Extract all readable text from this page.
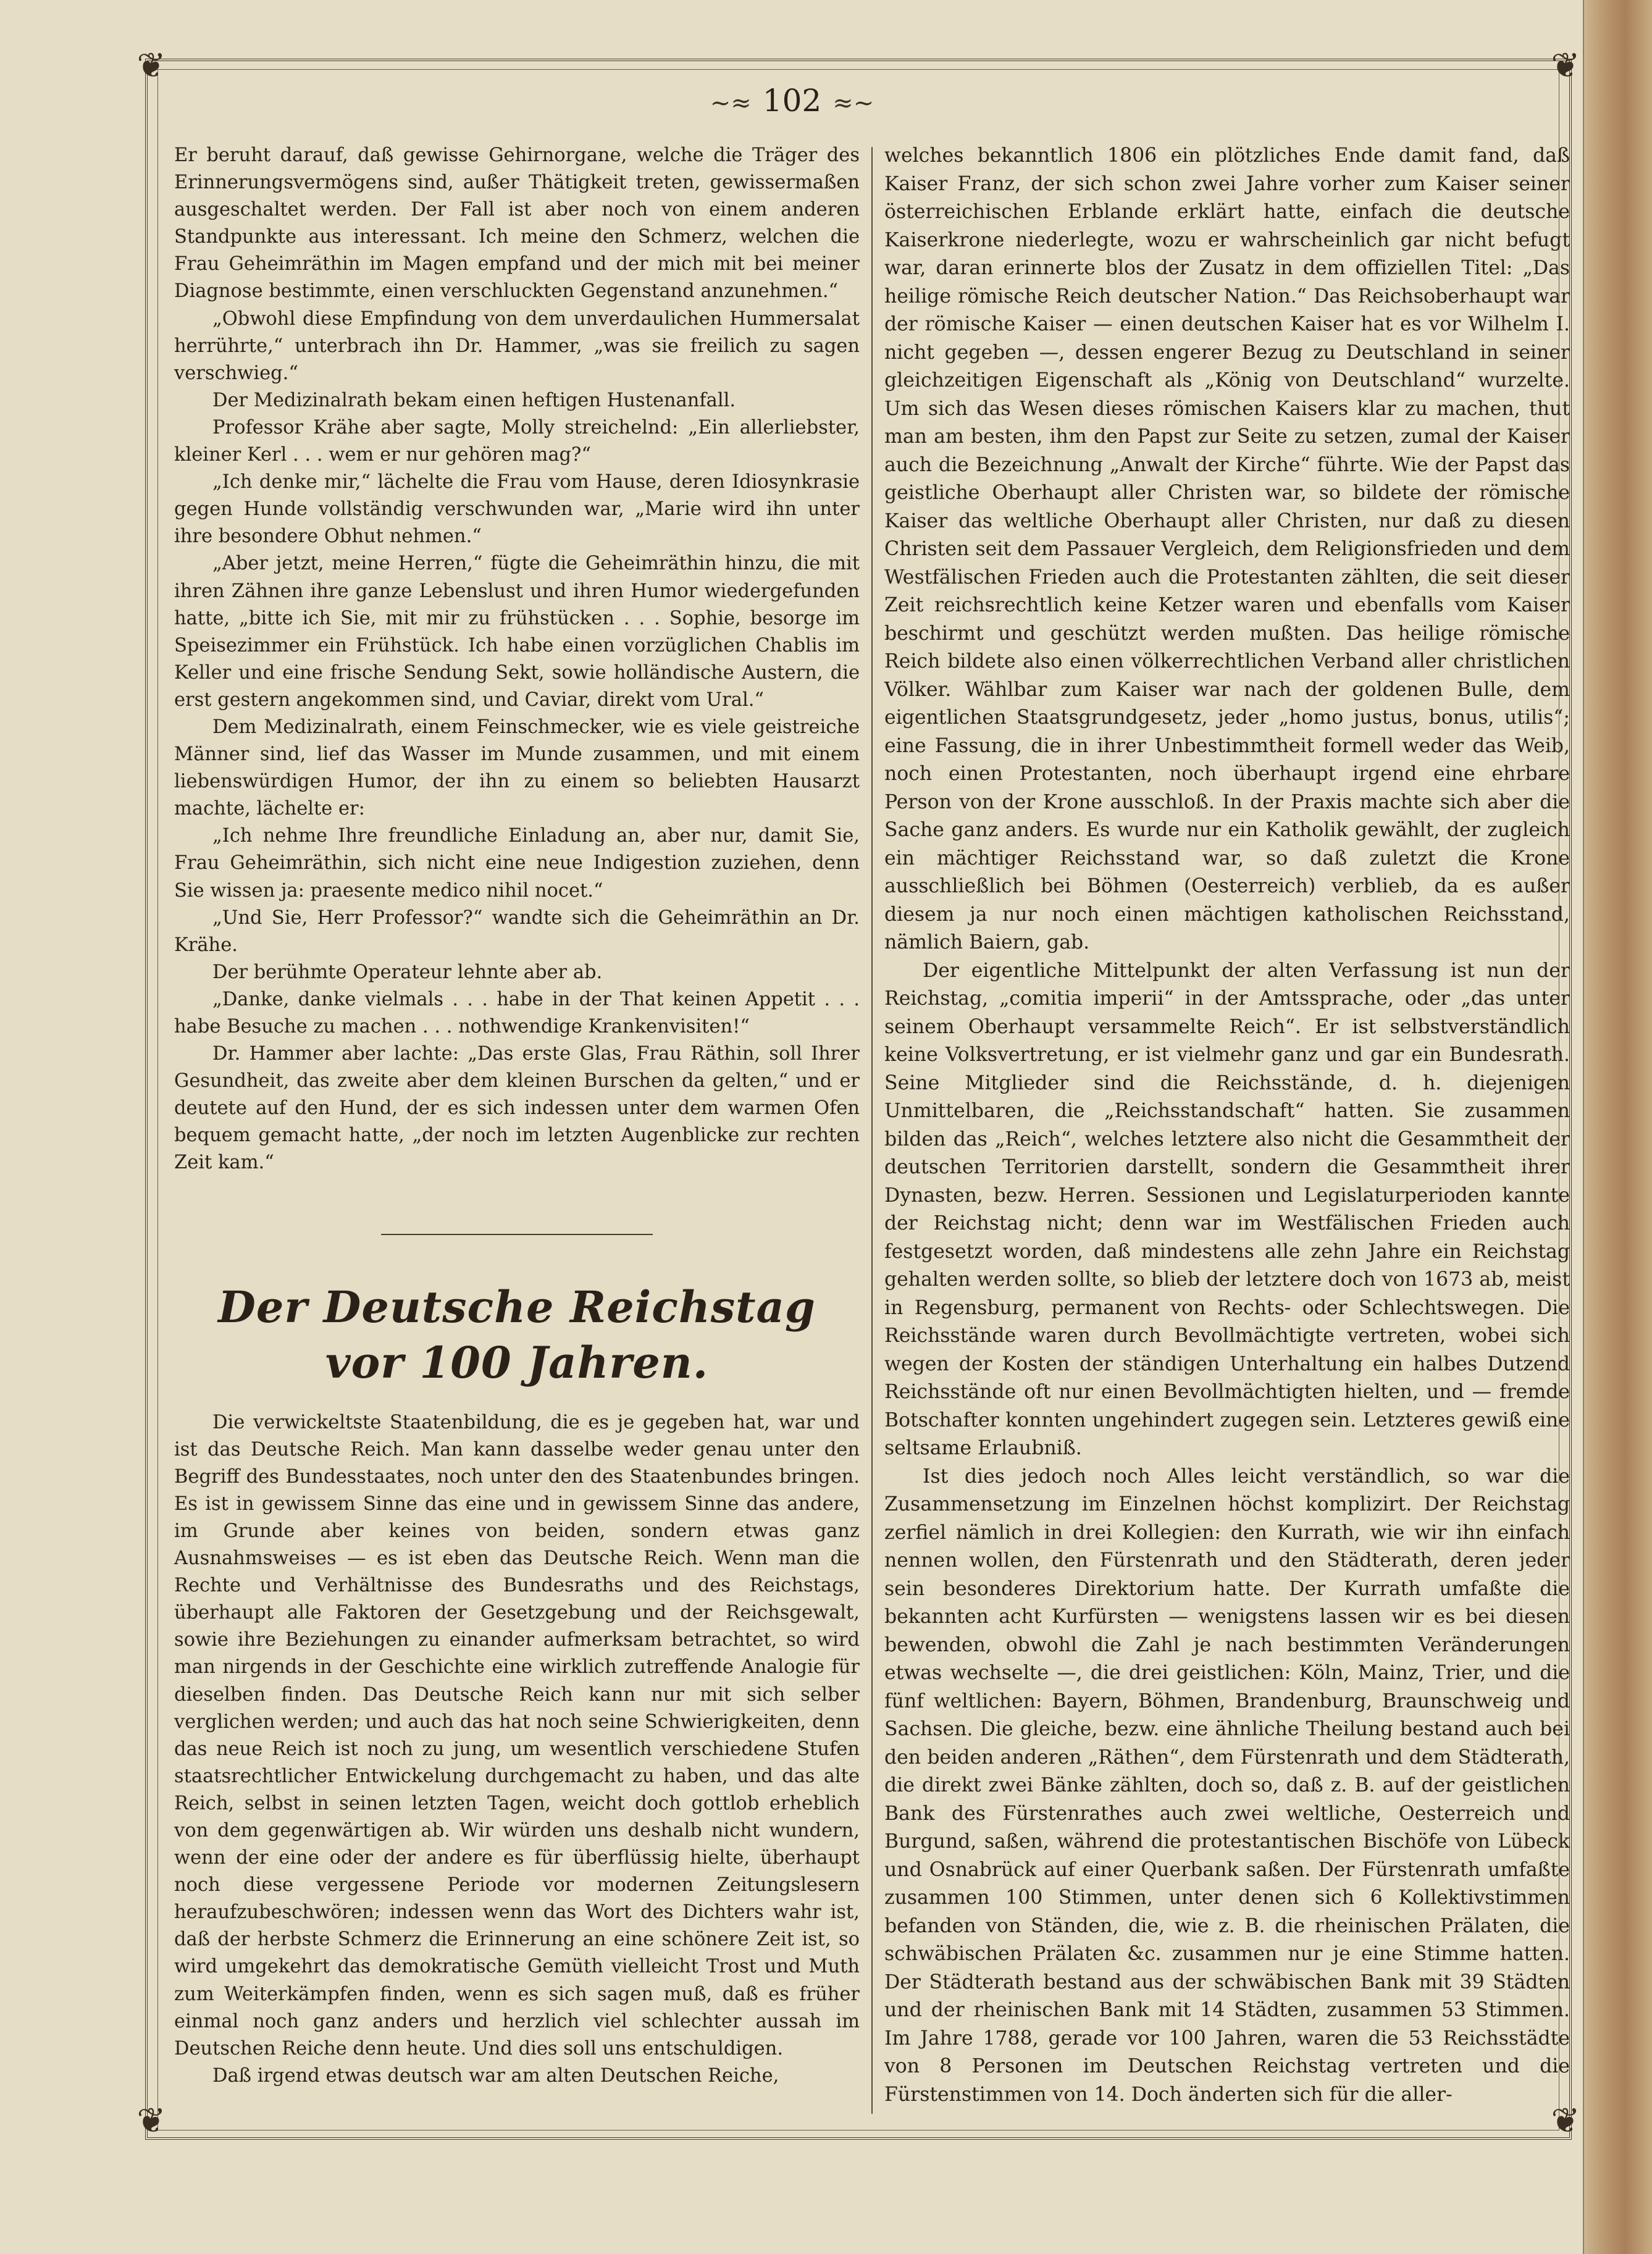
❦	❦
❦	❦
~≈ 102 ≈~

Er beruht darauf, daß gewisse Gehirnorgane, welche die Träger des Erinnerungsvermögens sind, außer Thätigkeit treten, gewissermaßen ausgeschaltet werden. Der Fall ist aber noch von einem anderen Standpunkte aus interessant. Ich meine den Schmerz, welchen die Frau Geheimräthin im Magen empfand und der mich mit bei meiner Diagnose bestimmte, einen verschluckten Gegenstand anzunehmen.“

„Obwohl diese Empfindung von dem unverdaulichen Hummersalat herrührte,“ unterbrach ihn Dr. Hammer, „was sie freilich zu sagen verschwieg.“

Der Medizinalrath bekam einen heftigen Hustenanfall.

Professor Krähe aber sagte, Molly streichelnd: „Ein allerliebster, kleiner Kerl . . . wem er nur gehören mag?“

„Ich denke mir,“ lächelte die Frau vom Hause, deren Idiosynkrasie gegen Hunde vollständig verschwunden war, „Marie wird ihn unter ihre besondere Obhut nehmen.“

„Aber jetzt, meine Herren,“ fügte die Geheimräthin hinzu, die mit ihren Zähnen ihre ganze Lebenslust und ihren Humor wiedergefunden hatte, „bitte ich Sie, mit mir zu frühstücken . . . Sophie, besorge im Speisezimmer ein Frühstück. Ich habe einen vorzüglichen Chablis im Keller und eine frische Sendung Sekt, sowie holländische Austern, die erst gestern angekommen sind, und Caviar, direkt vom Ural.“

Dem Medizinalrath, einem Feinschmecker, wie es viele geistreiche Männer sind, lief das Wasser im Munde zusammen, und mit einem liebenswürdigen Humor, der ihn zu einem so beliebten Hausarzt machte, lächelte er:

„Ich nehme Ihre freundliche Einladung an, aber nur, damit Sie, Frau Geheimräthin, sich nicht eine neue Indigestion zuziehen, denn Sie wissen ja: praesente medico nihil nocet.“

„Und Sie, Herr Professor?“ wandte sich die Geheimräthin an Dr. Krähe.

Der berühmte Operateur lehnte aber ab.

„Danke, danke vielmals . . . habe in der That keinen Appetit . . . habe Besuche zu machen . . . nothwendige Krankenvisiten!“

Dr. Hammer aber lachte: „Das erste Glas, Frau Räthin, soll Ihrer Gesundheit, das zweite aber dem kleinen Burschen da gelten,“ und er deutete auf den Hund, der es sich indessen unter dem warmen Ofen bequem gemacht hatte, „der noch im letzten Augenblicke zur rechten Zeit kam.“

Der Deutsche Reichstag vor 100 Jahren.

Die verwickeltste Staatenbildung, die es je gegeben hat, war und ist das Deutsche Reich. Man kann dasselbe weder genau unter den Begriff des Bundesstaates, noch unter den des Staatenbundes bringen. Es ist in gewissem Sinne das eine und in gewissem Sinne das andere, im Grunde aber keines von beiden, sondern etwas ganz Ausnahmsweises — es ist eben das Deutsche Reich. Wenn man die Rechte und Verhältnisse des Bundesraths und des Reichstags, überhaupt alle Faktoren der Gesetzgebung und der Reichsgewalt, sowie ihre Beziehungen zu einander aufmerksam betrachtet, so wird man nirgends in der Geschichte eine wirklich zutreffende Analogie für dieselben finden. Das Deutsche Reich kann nur mit sich selber verglichen werden; und auch das hat noch seine Schwierigkeiten, denn das neue Reich ist noch zu jung, um wesentlich verschiedene Stufen staatsrechtlicher Entwickelung durchgemacht zu haben, und das alte Reich, selbst in seinen letzten Tagen, weicht doch gottlob erheblich von dem gegenwärtigen ab. Wir würden uns deshalb nicht wundern, wenn der eine oder der andere es für überflüssig hielte, überhaupt noch diese vergessene Periode vor modernen Zeitungslesern heraufzubeschwören; indessen wenn das Wort des Dichters wahr ist, daß der herbste Schmerz die Erinnerung an eine schönere Zeit ist, so wird umgekehrt das demokratische Gemüth vielleicht Trost und Muth zum Weiterkämpfen finden, wenn es sich sagen muß, daß es früher einmal noch ganz anders und herzlich viel schlechter aussah im Deutschen Reiche denn heute. Und dies soll uns entschuldigen.

Daß irgend etwas deutsch war am alten Deutschen Reiche,

welches bekanntlich 1806 ein plötzliches Ende damit fand, daß Kaiser Franz, der sich schon zwei Jahre vorher zum Kaiser seiner österreichischen Erblande erklärt hatte, einfach die deutsche Kaiserkrone niederlegte, wozu er wahrscheinlich gar nicht befugt war, daran erinnerte blos der Zusatz in dem offiziellen Titel: „Das heilige römische Reich deutscher Nation.“ Das Reichsoberhaupt war der römische Kaiser — einen deutschen Kaiser hat es vor Wilhelm I. nicht gegeben —, dessen engerer Bezug zu Deutschland in seiner gleichzeitigen Eigenschaft als „König von Deutschland“ wurzelte. Um sich das Wesen dieses römischen Kaisers klar zu machen, thut man am besten, ihm den Papst zur Seite zu setzen, zumal der Kaiser auch die Bezeichnung „Anwalt der Kirche“ führte. Wie der Papst das geistliche Oberhaupt aller Christen war, so bildete der römische Kaiser das weltliche Oberhaupt aller Christen, nur daß zu diesen Christen seit dem Passauer Vergleich, dem Religionsfrieden und dem Westfälischen Frieden auch die Protestanten zählten, die seit dieser Zeit reichsrechtlich keine Ketzer waren und ebenfalls vom Kaiser beschirmt und geschützt werden mußten. Das heilige römische Reich bildete also einen völkerrechtlichen Verband aller christlichen Völker. Wählbar zum Kaiser war nach der goldenen Bulle, dem eigentlichen Staatsgrundgesetz, jeder „homo justus, bonus, utilis“; eine Fassung, die in ihrer Unbestimmtheit formell weder das Weib, noch einen Protestanten, noch überhaupt irgend eine ehrbare Person von der Krone ausschloß. In der Praxis machte sich aber die Sache ganz anders. Es wurde nur ein Katholik gewählt, der zugleich ein mächtiger Reichsstand war, so daß zuletzt die Krone ausschließlich bei Böhmen (Oesterreich) verblieb, da es außer diesem ja nur noch einen mächtigen katholischen Reichsstand, nämlich Baiern, gab.

Der eigentliche Mittelpunkt der alten Verfassung ist nun der Reichstag, „comitia imperii“ in der Amtssprache, oder „das unter seinem Oberhaupt versammelte Reich“. Er ist selbstverständlich keine Volksvertretung, er ist vielmehr ganz und gar ein Bundesrath. Seine Mitglieder sind die Reichsstände, d. h. diejenigen Unmittelbaren, die „Reichsstandschaft“ hatten. Sie zusammen bilden das „Reich“, welches letztere also nicht die Gesammtheit der deutschen Territorien darstellt, sondern die Gesammtheit ihrer Dynasten, bezw. Herren. Sessionen und Legislaturperioden kannte der Reichstag nicht; denn war im Westfälischen Frieden auch festgesetzt worden, daß mindestens alle zehn Jahre ein Reichstag gehalten werden sollte, so blieb der letztere doch von 1673 ab, meist in Regensburg, permanent von Rechts- oder Schlechtswegen. Die Reichsstände waren durch Bevollmächtigte vertreten, wobei sich wegen der Kosten der ständigen Unterhaltung ein halbes Dutzend Reichsstände oft nur einen Bevollmächtigten hielten, und — fremde Botschafter konnten ungehindert zugegen sein. Letzteres gewiß eine seltsame Erlaubniß.

Ist dies jedoch noch Alles leicht verständlich, so war die Zusammensetzung im Einzelnen höchst komplizirt. Der Reichstag zerfiel nämlich in drei Kollegien: den Kurrath, wie wir ihn einfach nennen wollen, den Fürstenrath und den Städterath, deren jeder sein besonderes Direktorium hatte. Der Kurrath umfaßte die bekannten acht Kurfürsten — wenigstens lassen wir es bei diesen bewenden, obwohl die Zahl je nach bestimmten Veränderungen etwas wechselte —, die drei geistlichen: Köln, Mainz, Trier, und die fünf weltlichen: Bayern, Böhmen, Brandenburg, Braunschweig und Sachsen. Die gleiche, bezw. eine ähnliche Theilung bestand auch bei den beiden anderen „Räthen“, dem Fürstenrath und dem Städterath, die direkt zwei Bänke zählten, doch so, daß z. B. auf der geistlichen Bank des Fürstenrathes auch zwei weltliche, Oesterreich und Burgund, saßen, während die protestantischen Bischöfe von Lübeck und Osnabrück auf einer Querbank saßen. Der Fürstenrath umfaßte zusammen 100 Stimmen, unter denen sich 6 Kollektivstimmen befanden von Ständen, die, wie z. B. die rheinischen Prälaten, die schwäbischen Prälaten &c. zusammen nur je eine Stimme hatten. Der Städterath bestand aus der schwäbischen Bank mit 39 Städten und der rheinischen Bank mit 14 Städten, zusammen 53 Stimmen. Im Jahre 1788, gerade vor 100 Jahren, waren die 53 Reichsstädte von 8 Personen im Deutschen Reichstag vertreten und die Fürstenstimmen von 14. Doch änderten sich für die aller-
